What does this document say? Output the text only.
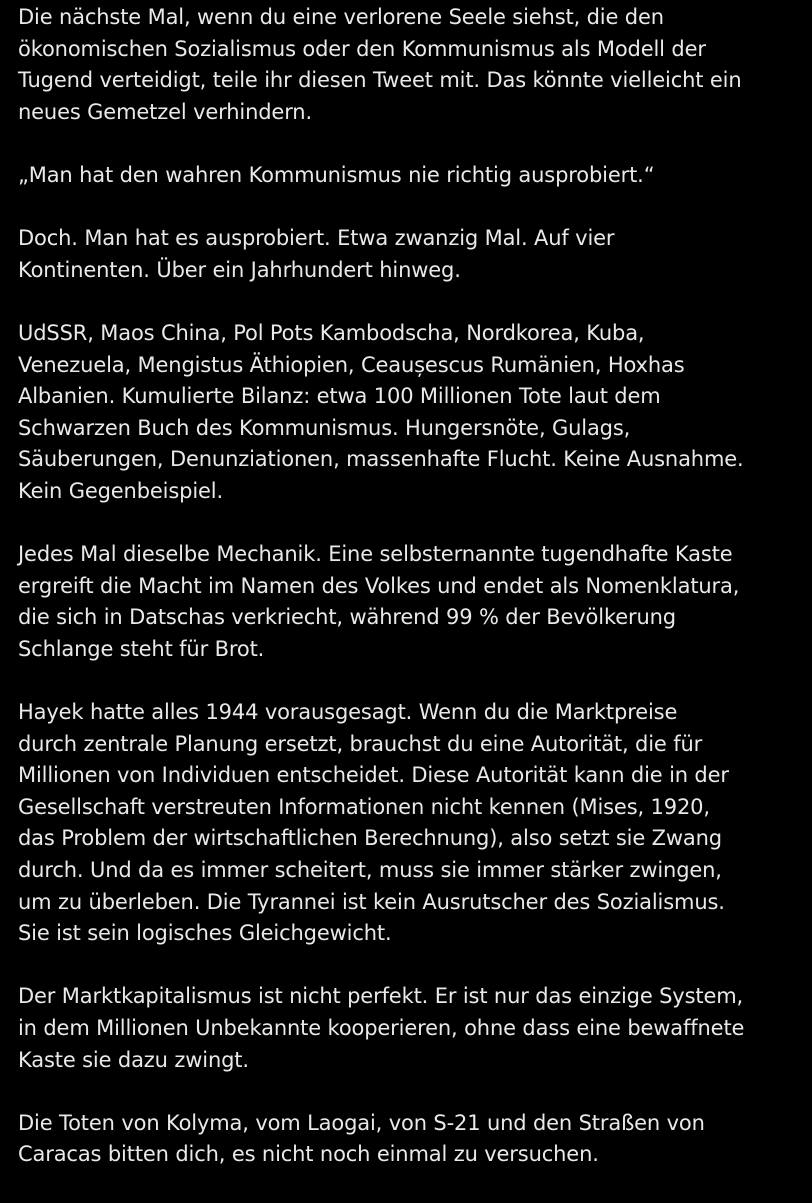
Die nächste Mal, wenn du eine verlorene Seele siehst, die den
ökonomischen Sozialismus oder den Kommunismus als Modell der
Tugend verteidigt, teile ihr diesen Tweet mit. Das könnte vielleicht ein
neues Gemetzel verhindern.

„Man hat den wahren Kommunismus nie richtig ausprobiert.“

Doch. Man hat es ausprobiert. Etwa zwanzig Mal. Auf vier
Kontinenten. Über ein Jahrhundert hinweg.

UdSSR, Maos China, Pol Pots Kambodscha, Nordkorea, Kuba,
Venezuela, Mengistus Äthiopien, Ceaușescus Rumänien, Hoxhas
Albanien. Kumulierte Bilanz: etwa 100 Millionen Tote laut dem
Schwarzen Buch des Kommunismus. Hungersnöte, Gulags,
Säuberungen, Denunziationen, massenhafte Flucht. Keine Ausnahme.
Kein Gegenbeispiel.

Jedes Mal dieselbe Mechanik. Eine selbsternannte tugendhafte Kaste
ergreift die Macht im Namen des Volkes und endet als Nomenklatura,
die sich in Datschas verkriecht, während 99 % der Bevölkerung
Schlange steht für Brot.

Hayek hatte alles 1944 vorausgesagt. Wenn du die Marktpreise
durch zentrale Planung ersetzt, brauchst du eine Autorität, die für
Millionen von Individuen entscheidet. Diese Autorität kann die in der
Gesellschaft verstreuten Informationen nicht kennen (Mises, 1920,
das Problem der wirtschaftlichen Berechnung), also setzt sie Zwang
durch. Und da es immer scheitert, muss sie immer stärker zwingen,
um zu überleben. Die Tyrannei ist kein Ausrutscher des Sozialismus.
Sie ist sein logisches Gleichgewicht.

Der Marktkapitalismus ist nicht perfekt. Er ist nur das einzige System,
in dem Millionen Unbekannte kooperieren, ohne dass eine bewaffnete
Kaste sie dazu zwingt.

Die Toten von Kolyma, vom Laogai, von S-21 und den Straßen von
Caracas bitten dich, es nicht noch einmal zu versuchen.
